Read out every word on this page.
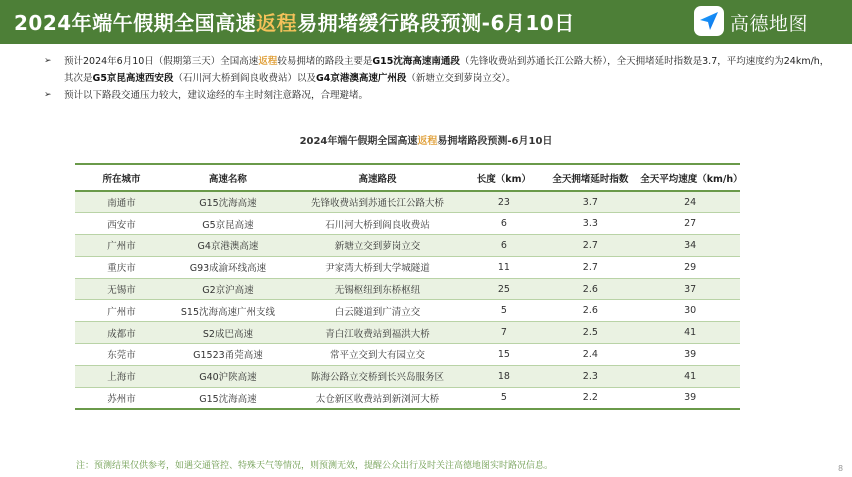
2024年端午假期全国高速返程易拥堵缓行路段预测-6月10日	高德地图
➢ 预计2024年6月10日（假期第三天）全国高速返程较易拥堵的路段主要是G15沈海高速南通段（先锋收费站到苏通长江公路大桥），全天拥堵延时指数是3.7，平均速度约为24km/h，其次是G5京昆高速西安段（石川河大桥到阎良收费站）以及G4京港澳高速广州段（新塘立交到萝岗立交）。
➢ 预计以下路段交通压力较大，建议途经的车主时刻注意路况，合理避堵。
2024年端午假期全国高速返程易拥堵路段预测-6月10日
所在城市	高速名称	高速路段	长度（km）	全天拥堵延时指数	全天平均速度（km/h）
南通市	G15沈海高速	先锋收费站到苏通长江公路大桥	23	3.7	24
西安市	G5京昆高速	石川河大桥到阎良收费站	6	3.3	27
广州市	G4京港澳高速	新塘立交到萝岗立交	6	2.7	34
重庆市	G93成渝环线高速	尹家湾大桥到大学城隧道	11	2.7	29
无锡市	G2京沪高速	无锡枢纽到东桥枢纽	25	2.6	37
广州市	S15沈海高速广州支线	白云隧道到广清立交	5	2.6	30
成都市	S2成巴高速	青白江收费站到福洪大桥	7	2.5	41
东莞市	G1523甬莞高速	常平立交到大有园立交	15	2.4	39
上海市	G40沪陕高速	陈海公路立交桥到长兴岛服务区	18	2.3	41
苏州市	G15沈海高速	太仓新区收费站到新浏河大桥	5	2.2	39
注：预测结果仅供参考，如遇交通管控、特殊天气等情况，则预测无效，提醒公众出行及时关注高德地图实时路况信息。	8
